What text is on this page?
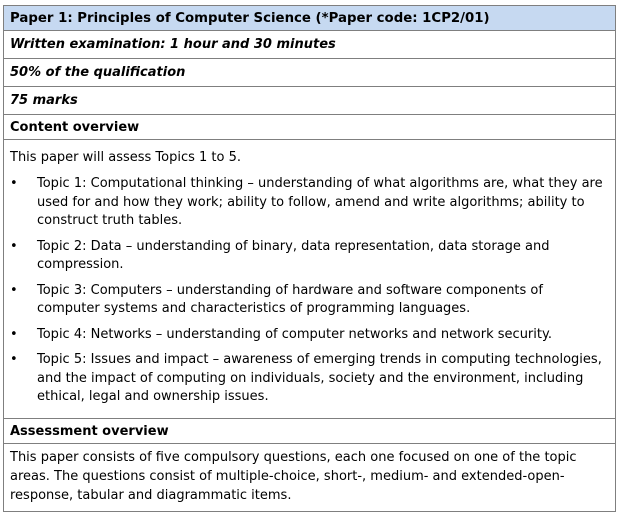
Paper 1: Principles of Computer Science (*Paper code: 1CP2/01)
Written examination: 1 hour and 30 minutes
50% of the qualification
75 marks
Content overview
This paper will assess Topics 1 to 5.
• Topic 1: Computational thinking – understanding of what algorithms are, what they are used for and how they work; ability to follow, amend and write algorithms; ability to construct truth tables.
• Topic 2: Data – understanding of binary, data representation, data storage and compression.
• Topic 3: Computers – understanding of hardware and software components of computer systems and characteristics of programming languages.
• Topic 4: Networks – understanding of computer networks and network security.
• Topic 5: Issues and impact – awareness of emerging trends in computing technologies, and the impact of computing on individuals, society and the environment, including ethical, legal and ownership issues.
Assessment overview
This paper consists of five compulsory questions, each one focused on one of the topic areas. The questions consist of multiple-choice, short-, medium- and extended-open-response, tabular and diagrammatic items.
